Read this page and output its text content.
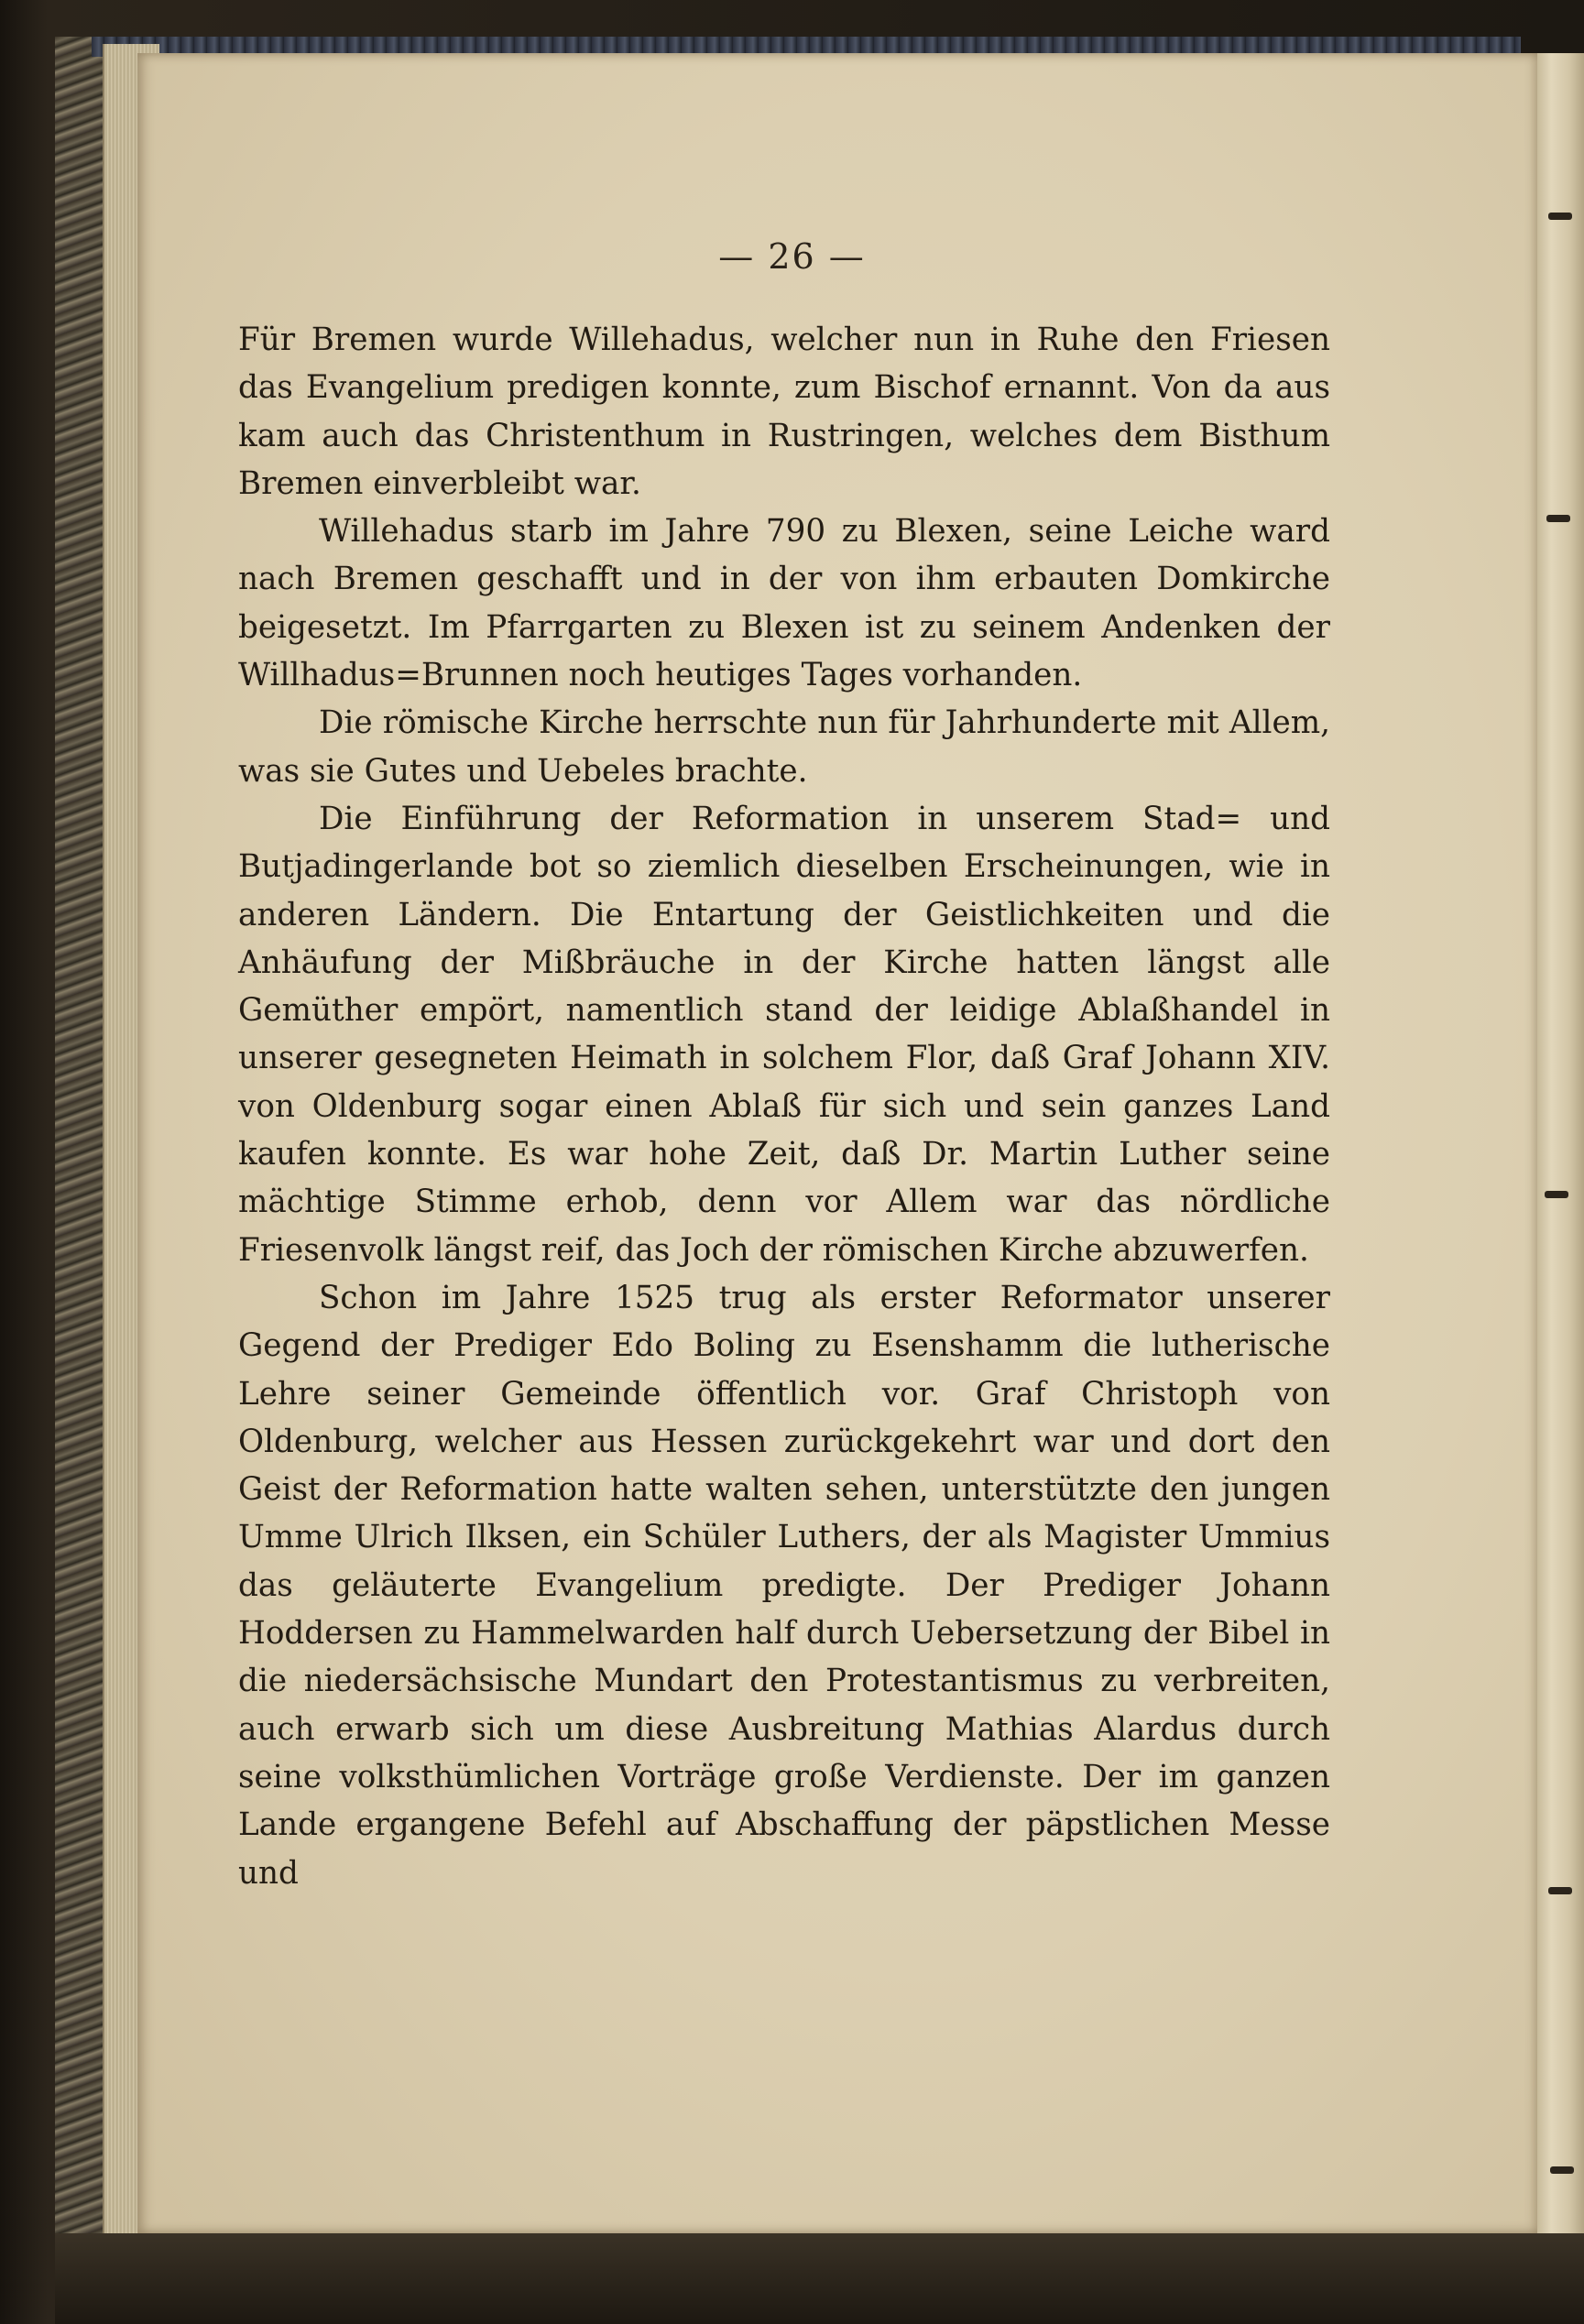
— 26 —

Für Bremen wurde Willehadus, welcher nun in Ruhe den Friesen das Evangelium predigen konnte, zum Bischof ernannt. Von da aus kam auch das Christenthum in Rustringen, welches dem Bisthum Bremen einverbleibt war.

Willehadus starb im Jahre 790 zu Blexen, seine Leiche ward nach Bremen geschafft und in der von ihm erbauten Domkirche beigesetzt. Im Pfarrgarten zu Blexen ist zu seinem Andenken der Willhadus=Brunnen noch heutiges Tages vorhanden.

Die römische Kirche herrschte nun für Jahrhunderte mit Allem, was sie Gutes und Uebeles brachte.

Die Einführung der Reformation in unserem Stad= und Butjadingerlande bot so ziemlich dieselben Erscheinungen, wie in anderen Ländern. Die Entartung der Geistlichkeiten und die Anhäufung der Mißbräuche in der Kirche hatten längst alle Gemüther empört, namentlich stand der leidige Ablaßhandel in unserer gesegneten Heimath in solchem Flor, daß Graf Johann XIV. von Oldenburg sogar einen Ablaß für sich und sein ganzes Land kaufen konnte. Es war hohe Zeit, daß Dr. Martin Luther seine mächtige Stimme erhob, denn vor Allem war das nördliche Friesenvolk längst reif, das Joch der römischen Kirche abzuwerfen.

Schon im Jahre 1525 trug als erster Reformator unserer Gegend der Prediger Edo Boling zu Esenshamm die lutherische Lehre seiner Gemeinde öffentlich vor. Graf Christoph von Oldenburg, welcher aus Hessen zurückgekehrt war und dort den Geist der Reformation hatte walten sehen, unterstützte den jungen Umme Ulrich Ilksen, ein Schüler Luthers, der als Magister Ummius das geläuterte Evangelium predigte. Der Prediger Johann Hoddersen zu Hammelwarden half durch Uebersetzung der Bibel in die niedersächsische Mundart den Protestantismus zu verbreiten, auch erwarb sich um diese Ausbreitung Mathias Alardus durch seine volksthümlichen Vorträge große Verdienste. Der im ganzen Lande ergangene Befehl auf Abschaffung der päpstlichen Messe und
